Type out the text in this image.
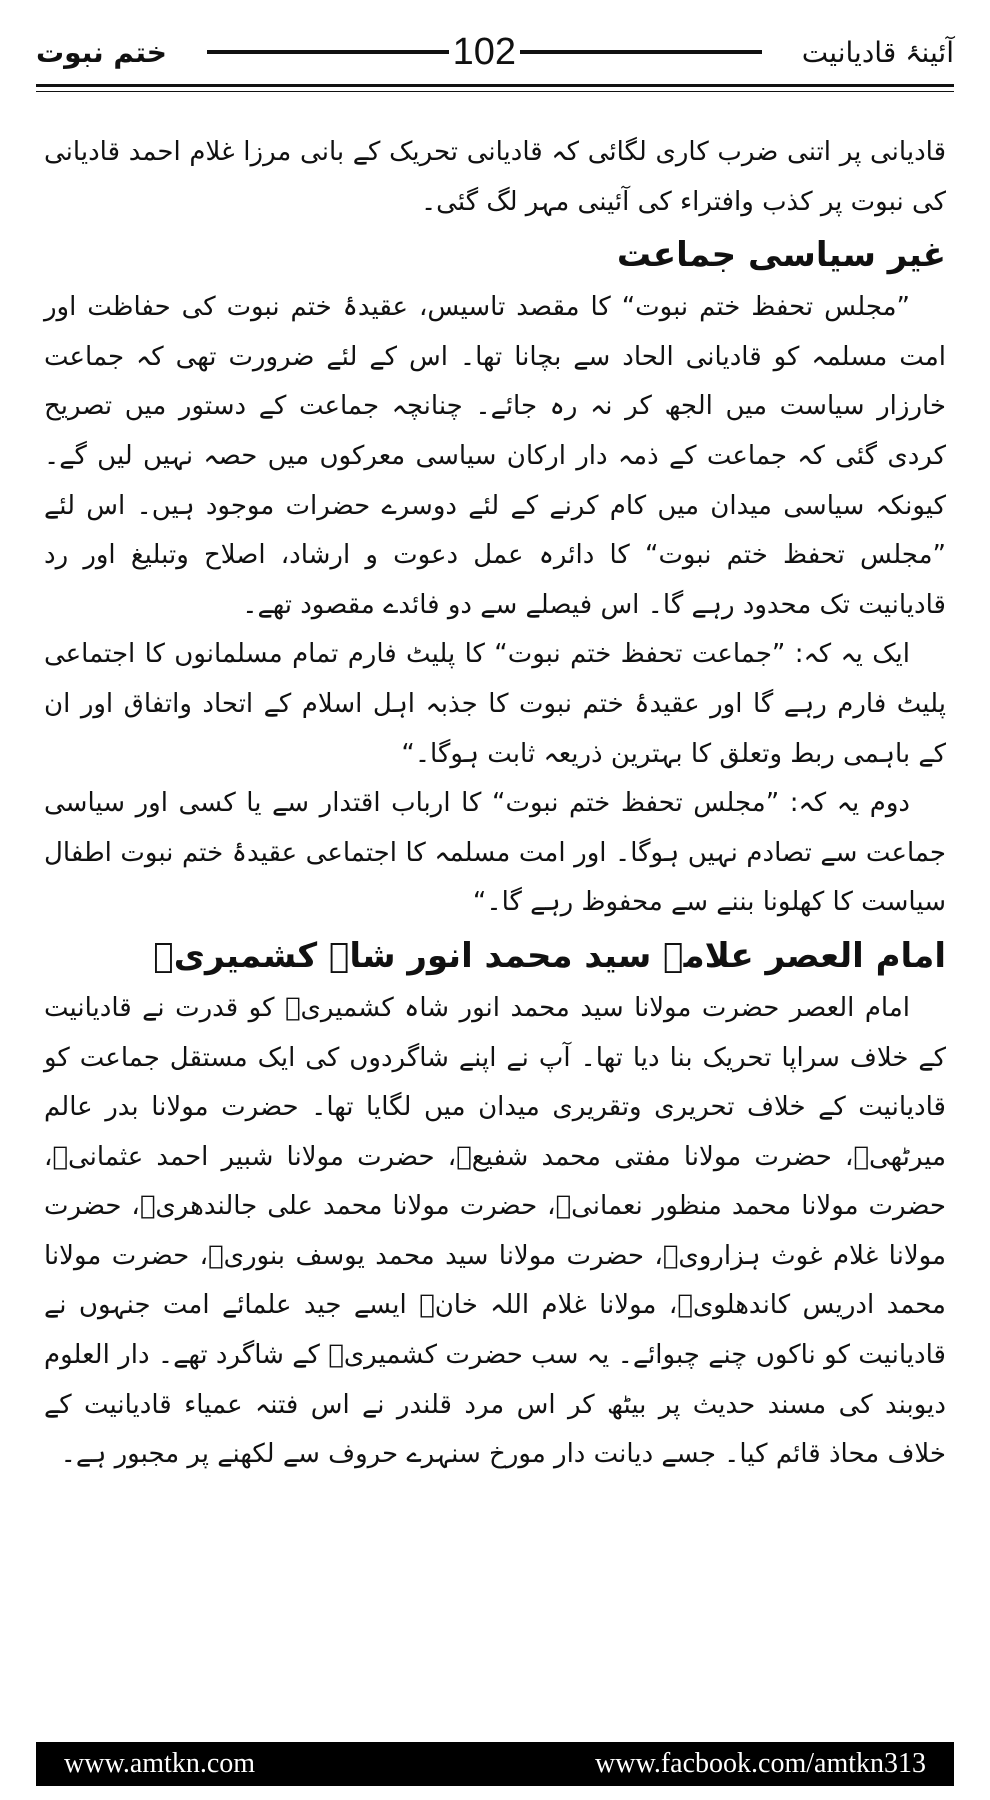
ختم نبوت	102	آئینۂ قادیانیت

قادیانی پر اتنی ضرب کاری لگائی کہ قادیانی تحریک کے بانی مرزا غلام احمد قادیانی کی نبوت پر کذب وافتراء کی آئینی مہر لگ گئی۔

غیر سیاسی جماعت

”مجلس تحفظ ختم نبوت“ کا مقصد تاسیس، عقیدۂ ختم نبوت کی حفاظت اور امت مسلمہ کو قادیانی الحاد سے بچانا تھا۔ اس کے لئے ضرورت تھی کہ جماعت خارزار سیاست میں الجھ کر نہ رہ جائے۔ چنانچہ جماعت کے دستور میں تصریح کردی گئی کہ جماعت کے ذمہ دار ارکان سیاسی معرکوں میں حصہ نہیں لیں گے۔ کیونکہ سیاسی میدان میں کام کرنے کے لئے دوسرے حضرات موجود ہیں۔ اس لئے ”مجلس تحفظ ختم نبوت“ کا دائرہ عمل دعوت و ارشاد، اصلاح وتبلیغ اور رد قادیانیت تک محدود رہے گا۔ اس فیصلے سے دو فائدے مقصود تھے۔

ایک یہ کہ: ”جماعت تحفظ ختم نبوت“ کا پلیٹ فارم تمام مسلمانوں کا اجتماعی پلیٹ فارم رہے گا اور عقیدۂ ختم نبوت کا جذبہ اہل اسلام کے اتحاد واتفاق اور ان کے باہمی ربط وتعلق کا بہترین ذریعہ ثابت ہوگا۔“

دوم یہ کہ: ”مجلس تحفظ ختم نبوت“ کا ارباب اقتدار سے یا کسی اور سیاسی جماعت سے تصادم نہیں ہوگا۔ اور امت مسلمہ کا اجتماعی عقیدۂ ختم نبوت اطفال سیاست کا کھلونا بننے سے محفوظ رہے گا۔“

امام العصر علامہ سید محمد انور شاہ کشمیریؒ

امام العصر حضرت مولانا سید محمد انور شاہ کشمیریؒ کو قدرت نے قادیانیت کے خلاف سراپا تحریک بنا دیا تھا۔ آپ نے اپنے شاگردوں کی ایک مستقل جماعت کو قادیانیت کے خلاف تحریری وتقریری میدان میں لگایا تھا۔ حضرت مولانا بدر عالم میرٹھیؒ، حضرت مولانا مفتی محمد شفیعؒ، حضرت مولانا شبیر احمد عثمانیؒ، حضرت مولانا محمد منظور نعمانیؒ، حضرت مولانا محمد علی جالندھریؒ، حضرت مولانا غلام غوث ہزارویؒ، حضرت مولانا سید محمد یوسف بنوریؒ، حضرت مولانا محمد ادریس کاندھلویؒ، مولانا غلام اللہ خانؒ ایسے جید علمائے امت جنہوں نے قادیانیت کو ناکوں چنے چبوائے۔ یہ سب حضرت کشمیریؒ کے شاگرد تھے۔ دار العلوم دیوبند کی مسند حدیث پر بیٹھ کر اس مرد قلندر نے اس فتنہ عمیاء قادیانیت کے خلاف محاذ قائم کیا۔ جسے دیانت دار مورخ سنہرے حروف سے لکھنے پر مجبور ہے۔

www.amtkn.com	www.facbook.com/amtkn313
